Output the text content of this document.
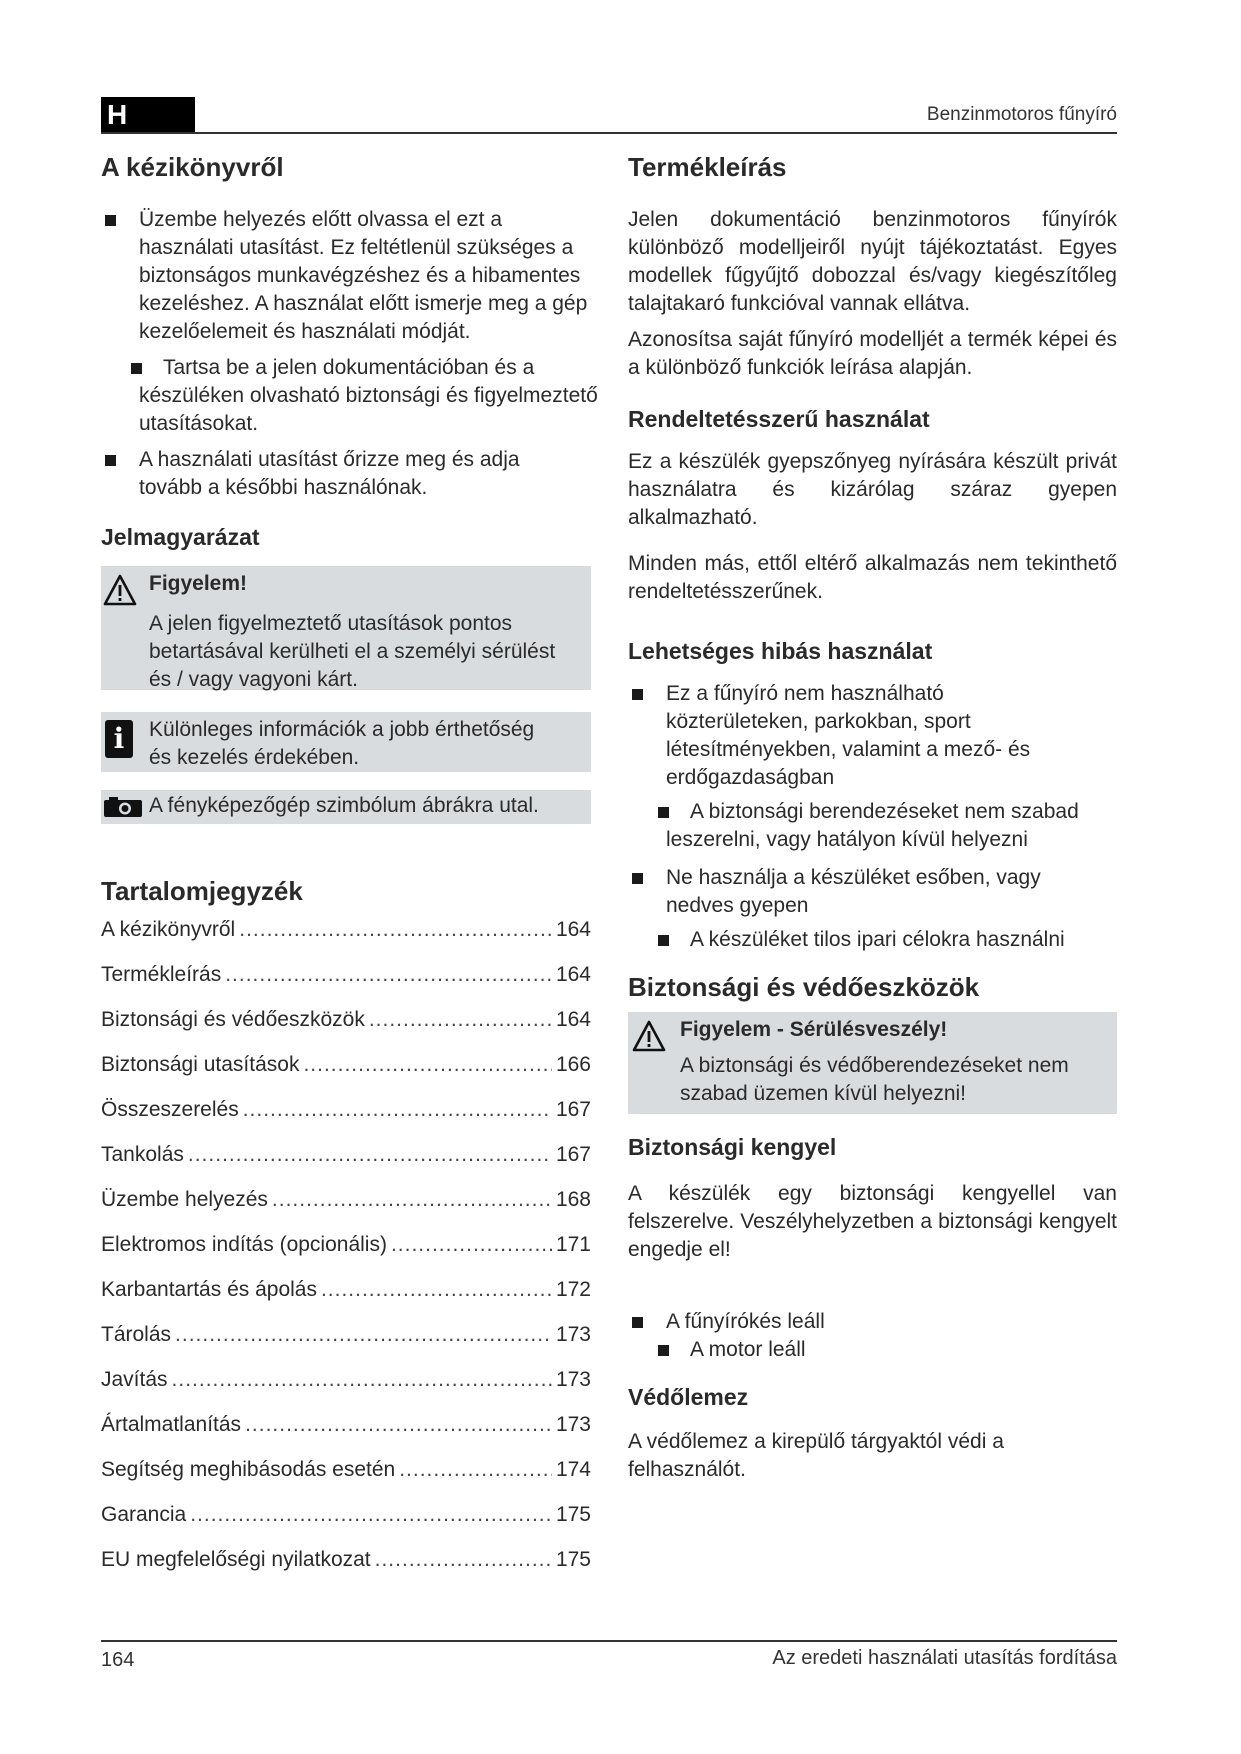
H	Benzinmotoros fűnyíró
A kézikönyvről

Üzembe helyezés előtt olvassa el ezt a használati utasítást. Ez feltétlenül szükséges a biztonságos munkavégzéshez és a hibamentes kezeléshez. A használat előtt ismerje meg a gép kezelőelemeit és használati módját.

Tartsa be a jelen dokumentációban és a készüléken olvasható biztonsági és figyelmeztető utasításokat.

A használati utasítást őrizze meg és adja tovább a későbbi használónak.

Jelmagyarázat
Figyelem!

A jelen figyelmeztető utasítások pontos betartásával kerülheti el a személyi sérülést és / vagy vagyoni kárt.

i	Különleges információk a jobb érthetőség és kezelés érdekében.

A fényképezőgép szimbólum ábrákra utal.

Tartalomjegyzék
A kézikönyvről .....	164
Termékleírás .....	164
Biztonsági és védőeszközök .....	164
Biztonsági utasítások .....	166
Összeszerelés .....	167
Tankolás .....	167
Üzembe helyezés .....	168
Elektromos indítás (opcionális) .....	171
Karbantartás és ápolás .....	172
Tárolás .....	173
Javítás .....	173
Ártalmatlanítás .....	173
Segítség meghibásodás esetén .....	174
Garancia .....	175
EU megfelelőségi nyilatkozat .....	175
Termékleírás

Jelen dokumentáció benzinmotoros fűnyírók különböző modelljeiről nyújt tájékoztatást. Egyes modellek fűgyűjtő dobozzal és/vagy kiegészítőleg talajtakaró funkcióval vannak ellátva.

Azonosítsa saját fűnyíró modelljét a termék képei és a különböző funkciók leírása alapján.

Rendeltetésszerű használat

Ez a készülék gyepszőnyeg nyírására készült privát használatra és kizárólag száraz gyepen alkalmazható.

Minden más, ettől eltérő alkalmazás nem tekinthető rendeltetésszerűnek.

Lehetséges hibás használat

Ez a fűnyíró nem használható közterületeken, parkokban, sport létesítményekben, valamint a mező- és erdőgazdaságban

A biztonsági berendezéseket nem szabad leszerelni, vagy hatályon kívül helyezni

Ne használja a készüléket esőben, vagy nedves gyepen

A készüléket tilos ipari célokra használni

Biztonsági és védőeszközök
Figyelem - Sérülésveszély!

A biztonsági és védőberendezéseket nem szabad üzemen kívül helyezni!

Biztonsági kengyel

A készülék egy biztonsági kengyellel van felszerelve. Veszélyhelyzetben a biztonsági kengyelt engedje el!

A fűnyírókés leáll

A motor leáll

Védőlemez

A védőlemez a kirepülő tárgyaktól védi a felhasználót.

164	Az eredeti használati utasítás fordítása
